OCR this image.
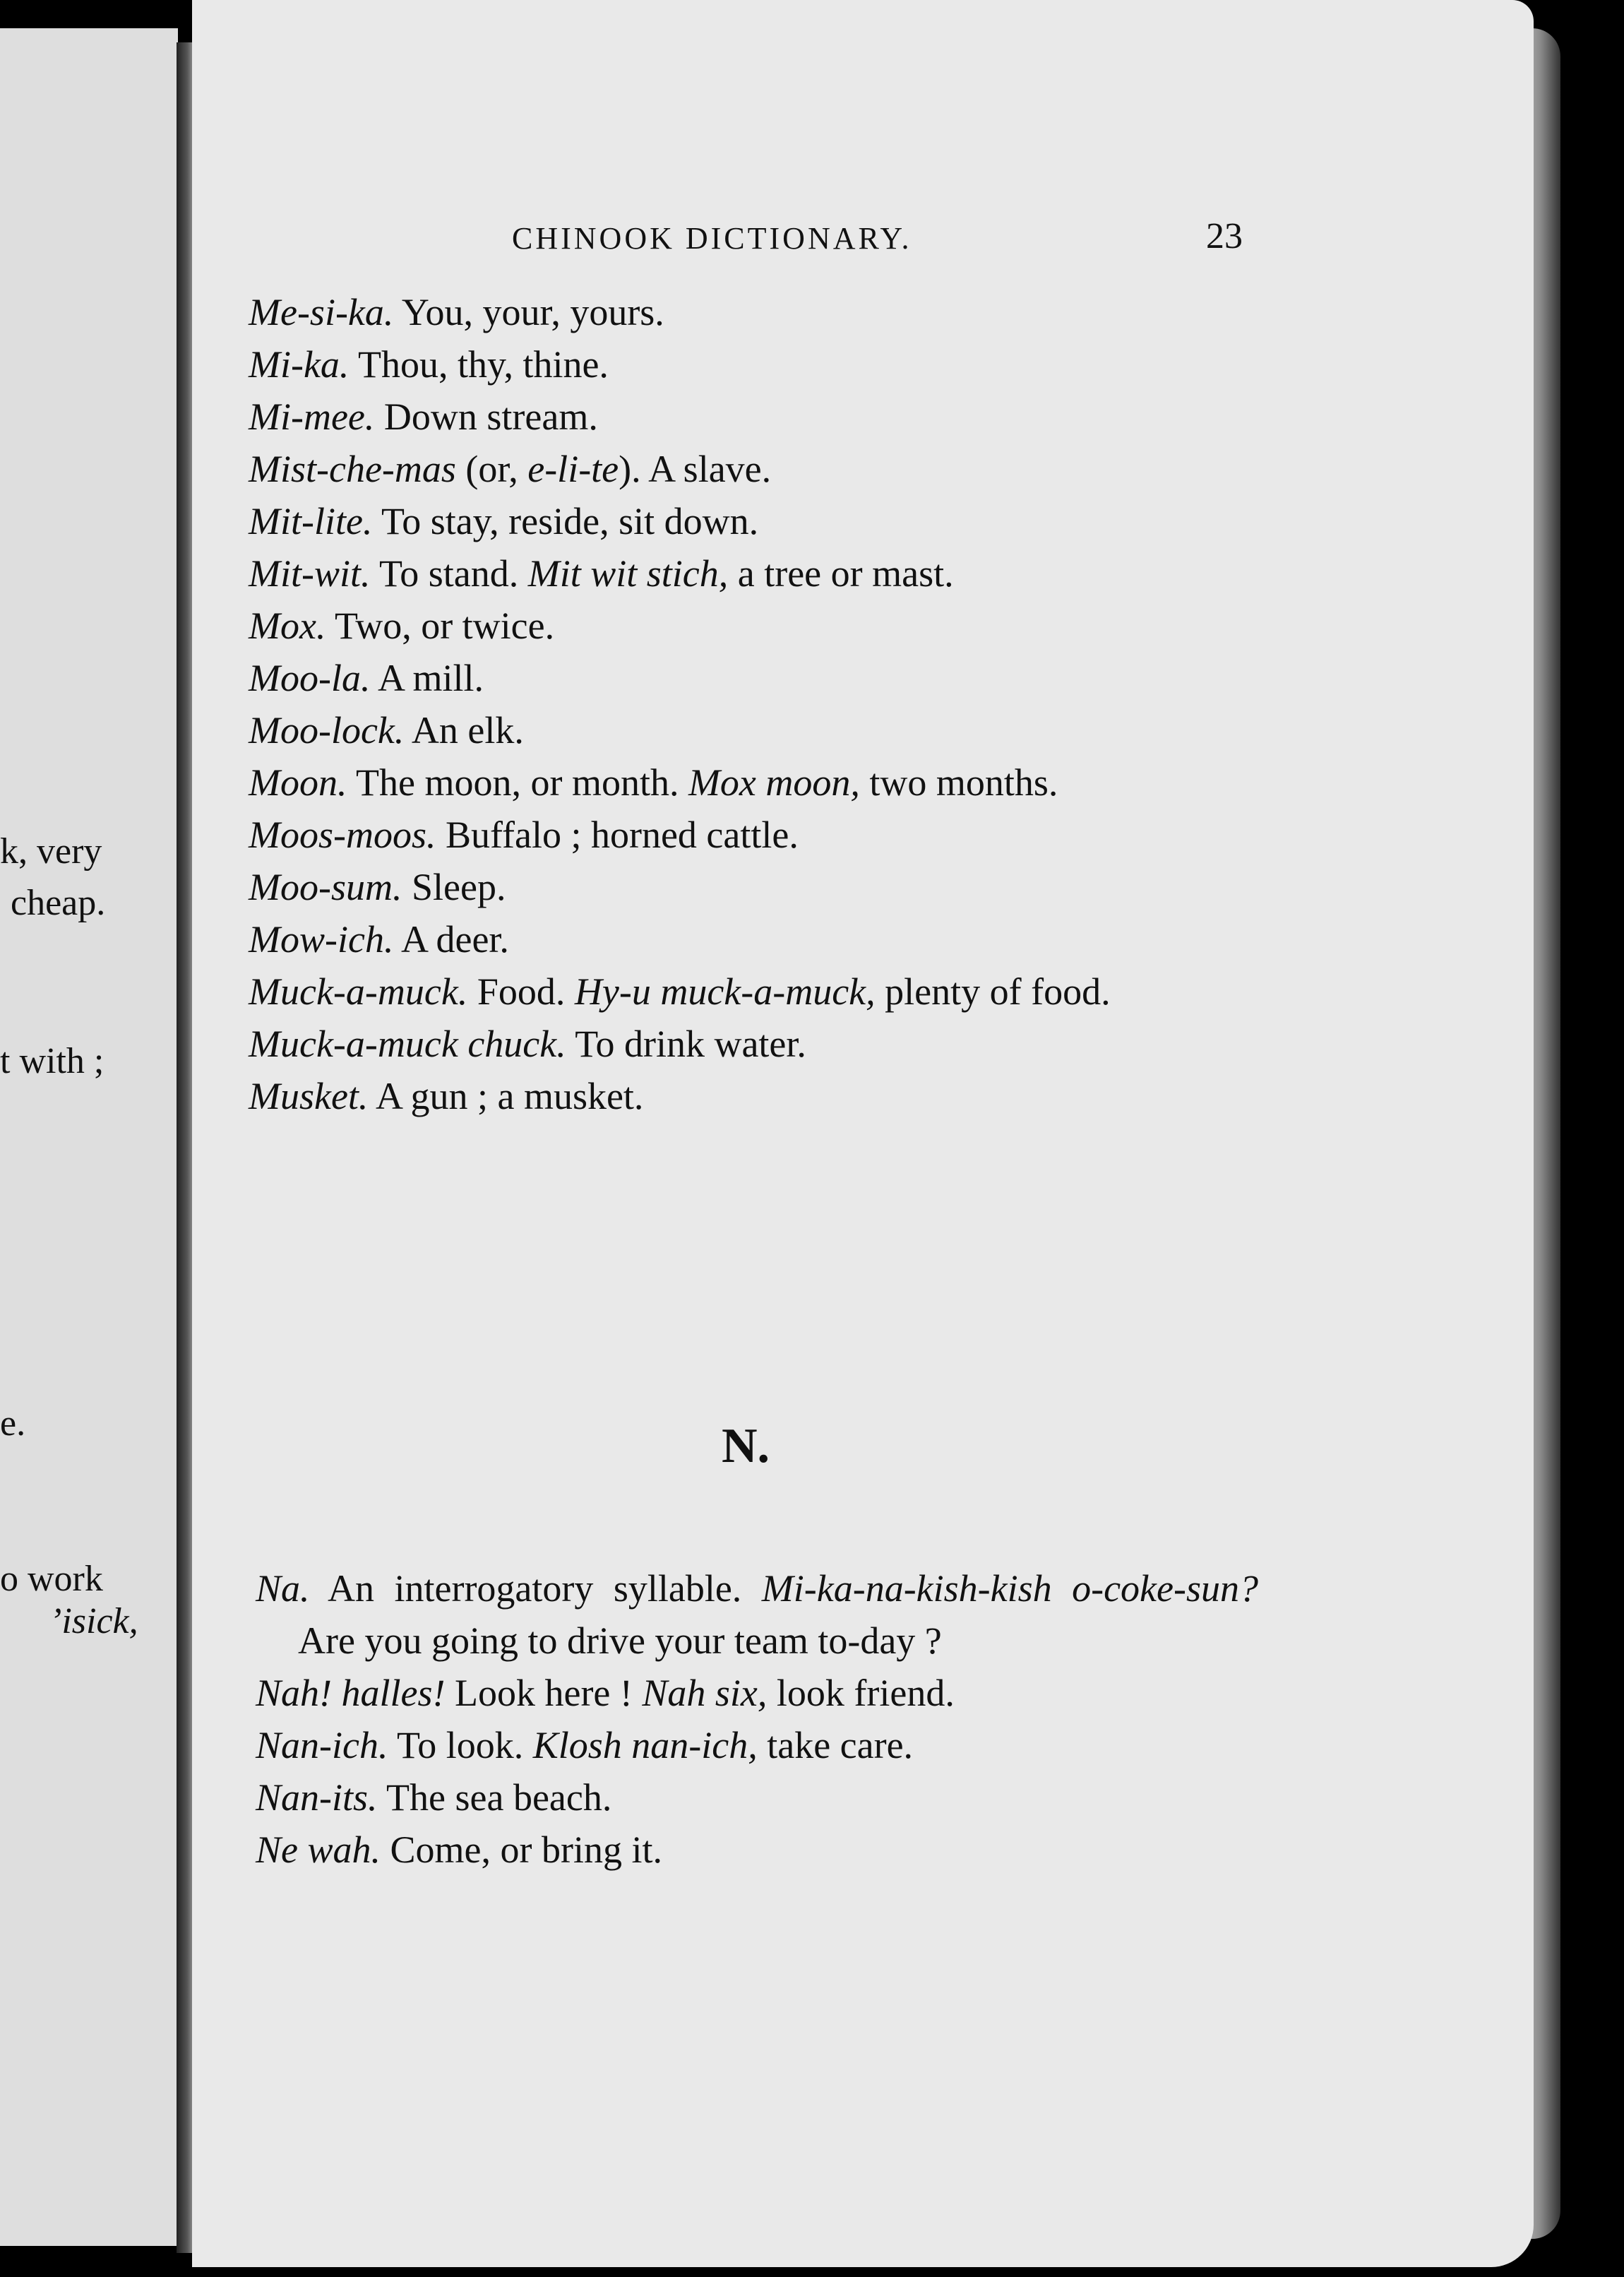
k, very
cheap.
t with ;
e.
o work
’isick,
CHINOOK DICTIONARY.	23

Me-si-ka. You, your, yours.

Mi-ka. Thou, thy, thine.

Mi-mee. Down stream.

Mist-che-mas (or, e-li-te). A slave.

Mit-lite. To stay, reside, sit down.

Mit-wit. To stand. Mit wit stich, a tree or mast.

Mox. Two, or twice.

Moo-la. A mill.

Moo-lock. An elk.

Moon. The moon, or month. Mox moon, two months.

Moos-moos. Buffalo ; horned cattle.

Moo-sum. Sleep.

Mow-ich. A deer.

Muck-a-muck. Food. Hy-u muck-a-muck, plenty of food.

Muck-a-muck chuck. To drink water.

Musket. A gun ; a musket.

N.

Na. An interrogatory syllable. Mi-ka-na-kish-kish o-coke-sun? Are you going to drive your team to-day ?

Nah! halles! Look here ! Nah six, look friend.

Nan-ich. To look. Klosh nan-ich, take care.

Nan-its. The sea beach.

Ne wah. Come, or bring it.
